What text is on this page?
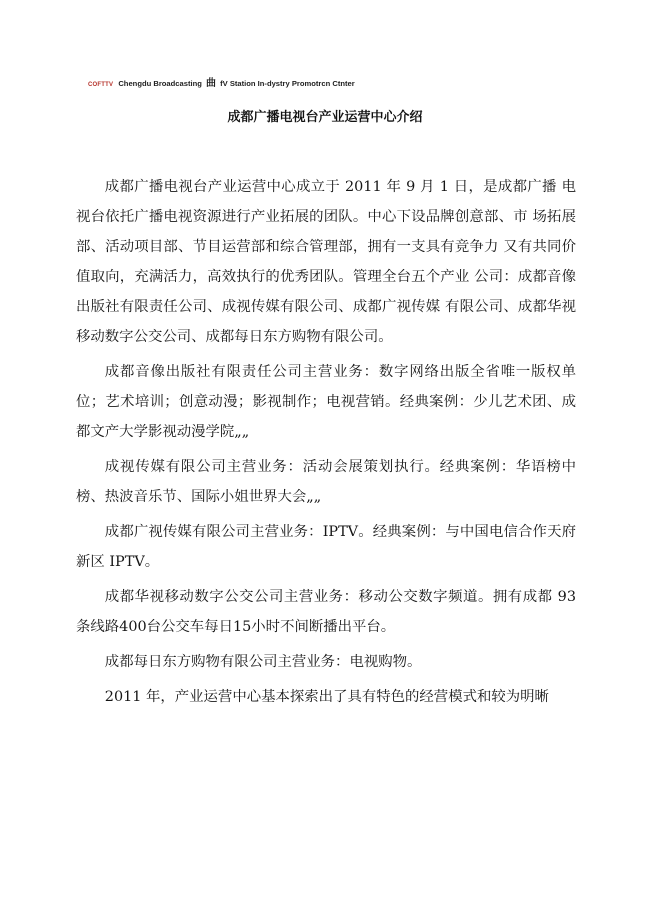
COFTTV Chengdu Broadcasting 曲 fV Station In-dystry Promotrcn Ctnter
成都广播电视台产业运营中心介绍

成都广播电视台产业运营中心成立于 2011 年 9 月 1 日，是成都广播 电视台依托广播电视资源进行产业拓展的团队。中心下设品牌创意部、市 场拓展部、活动项目部、节目运营部和综合管理部，拥有一支具有竞争力 又有共同价值取向，充满活力，高效执行的优秀团队。管理全台五个产业 公司：成都音像出版社有限责任公司、成视传媒有限公司、成都广视传媒 有限公司、成都华视移动数字公交公司、成都每日东方购物有限公司。

成都音像出版社有限责任公司主营业务：数字网络出版全省唯一版权单位；艺术培训；创意动漫；影视制作；电视营销。经典案例：少儿艺术团、成都文产大学影视动漫学院„„

成视传媒有限公司主营业务：活动会展策划执行。经典案例：华语榜中榜、热波音乐节、国际小姐世界大会„„

成都广视传媒有限公司主营业务：IPTV。经典案例：与中国电信合作天府新区 IPTV。

成都华视移动数字公交公司主营业务：移动公交数字频道。拥有成都 93 条线路400台公交车每日15小时不间断播出平台。

成都每日东方购物有限公司主营业务：电视购物。

2011 年，产业运营中心基本探索出了具有特色的经营模式和较为明晰
